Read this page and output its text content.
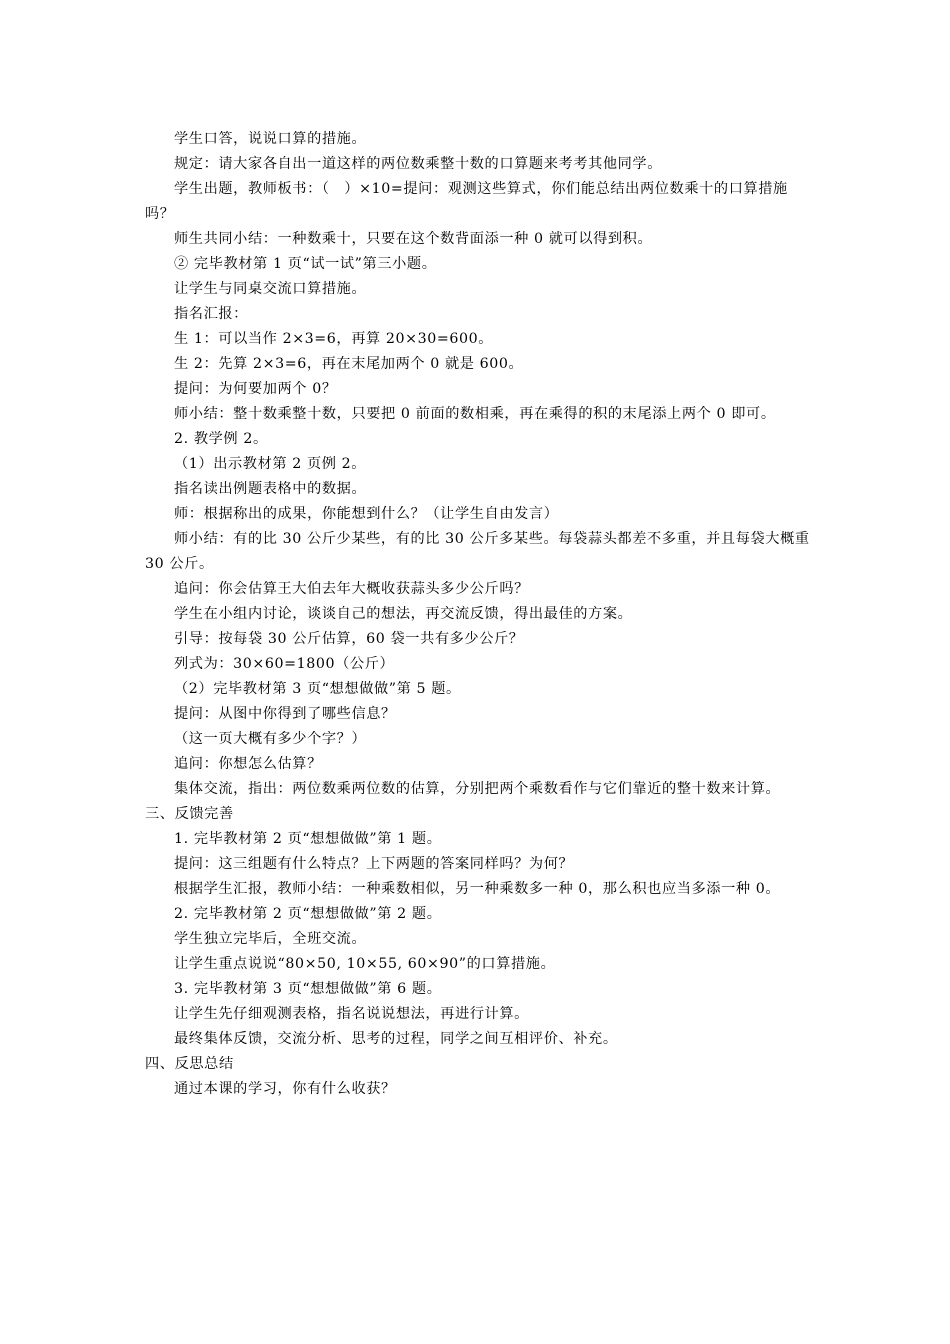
学生口答，说说口算的措施。

规定：请大家各自出一道这样的两位数乘整十数的口算题来考考其他同学。

学生出题，教师板书：（　）×10=提问：观测这些算式，你们能总结出两位数乘十的口算措施吗？

师生共同小结：一种数乘十，只要在这个数背面添一种 0 就可以得到积。

② 完毕教材第 1 页“试一试”第三小题。

让学生与同桌交流口算措施。

指名汇报：

生 1：可以当作 2×3=6，再算 20×30=600。

生 2：先算 2×3=6，再在末尾加两个 0 就是 600。

提问：为何要加两个 0？

师小结：整十数乘整十数，只要把 0 前面的数相乘，再在乘得的积的末尾添上两个 0 即可。

2. 教学例 2。

（1）出示教材第 2 页例 2。

指名读出例题表格中的数据。

师：根据称出的成果，你能想到什么？（让学生自由发言）

师小结：有的比 30 公斤少某些，有的比 30 公斤多某些。每袋蒜头都差不多重，并且每袋大概重 30 公斤。

追问：你会估算王大伯去年大概收获蒜头多少公斤吗？

学生在小组内讨论，谈谈自己的想法，再交流反馈，得出最佳的方案。

引导：按每袋 30 公斤估算，60 袋一共有多少公斤？

列式为：30×60=1800（公斤）

（2）完毕教材第 3 页“想想做做”第 5 题。

提问：从图中你得到了哪些信息？

（这一页大概有多少个字？）

追问：你想怎么估算？

集体交流，指出：两位数乘两位数的估算，分别把两个乘数看作与它们靠近的整十数来计算。

三、反馈完善

1. 完毕教材第 2 页“想想做做”第 1 题。

提问：这三组题有什么特点？上下两题的答案同样吗？为何？

根据学生汇报，教师小结：一种乘数相似，另一种乘数多一种 0，那么积也应当多添一种 0。

2. 完毕教材第 2 页“想想做做”第 2 题。

学生独立完毕后，全班交流。

让学生重点说说“80×50, 10×55, 60×90”的口算措施。

3. 完毕教材第 3 页“想想做做”第 6 题。

让学生先仔细观测表格，指名说说想法，再进行计算。

最终集体反馈，交流分析、思考的过程，同学之间互相评价、补充。

四、反思总结

通过本课的学习，你有什么收获？
